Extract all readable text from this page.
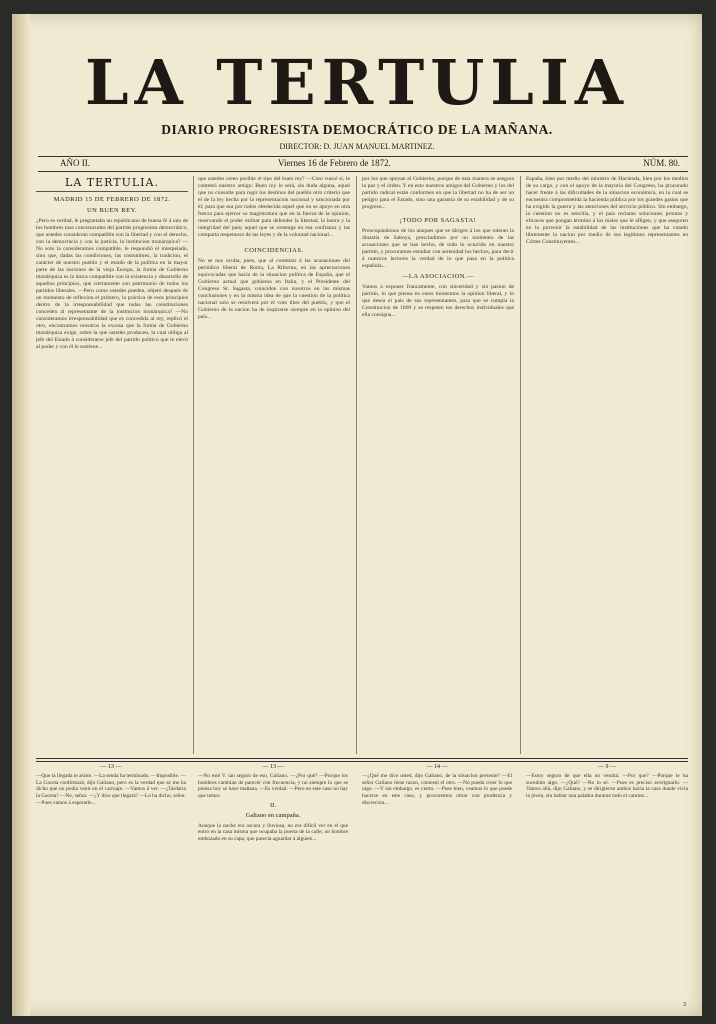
LA TERTULIA
DIARIO PROGRESISTA DEMOCRÁTICO DE LA MAÑANA.
DIRECTOR: D. JUAN MANUEL MARTINEZ.
AÑO II.	Viernes 16 de Febrero de 1872.	NÚM. 80.
LA TERTULIA.
MADRID 15 DE FEBRERO DE 1872.
UN BUEN REY.

¿Pero es verdad, le preguntaba un republicano de buena fé á uno de los hombres mas concienzudos del partido progresista democrático, que ustedes consideran compatible con la libertad y con el derecho, con la democracia y con la justicia, la institucion monárquica? —No solo la consideramos compatible, le respondió el interpelado, sino que, dadas las condiciones, las costumbres, la tradicion, el carácter de nuestro pueblo y el estado de la política en la mayor parte de las naciones de la vieja Europa, la forma de Gobierno monárquica es la única compatible con la existencia y desarrollo de aquellos principios, que ciertamente son patrimonio de todos los partidos liberales. —Pero como ustedes pueden, objetó después de un momento de reflexion el primero, la práctica de esos principios dentro de la irresponsabilidad que todas las constituciones conceden al representante de la institucion monárquica? —No consideramos irresponsabilidad que es concedida al rey, replicó el otro, encontramos nosotros la excusa que la forma de Gobierno monárquica exige, sobre la que ustedes producen, la cual obliga al jefe del Estado á considerarse jefe del partido político que le elevó al poder y con él le sostiene...

que ustedes creen posible el tipo del buen rey? —Creo vuecé sí, le contestó nuestro amigo: Buen rey lo será, sin duda alguna, aquel que no consulte para regir los destinos del pueblo otro criterio que el de la ley hecha por la representacion nacional y sancionada por él; para que sea por todos obedecida aquel que no se apoye en otra fuerza para ejercer su magistratura que en la fuerza de la opinion, reservando el poder militar para defender la libertad, la honra y la integridad del país; aquel que se sostenga en esa confianza y las comparta respetuoso de las leyes y de la voluntad nacional...

COINCIDENCIAS.

No se nos oculta, pues, que al contestar á las acusaciones del periódico liberal de Roma, La Riforma, en las apreciaciones equivocadas que hacía de la situacion política de España, que el Gobierno actual que gobierna en Italia, y el Presidente del Congreso Sr. Sagasta, coinciden con nosotros en las mismas conclusiones y en la misma idea de que la cuestion de la política nacional solo se resolverá por el voto libre del pueblo, y que el Gobierno de la nacion ha de inspirarse siempre en la opinion del país...

por los que apoyan al Gobierno, porque de esta manera se asegura la paz y el órden. Y en esto nuestros amigos del Gobierno y los del partido radical están conformes en que la libertad no ha de ser un peligro para el Estado, sino una garantía de su estabilidad y de su progreso...

¡TODO POR SAGASTA!

Preocupándonos de los ataques que se dirigen á los que toleran la dinastía de Saboya, prescindimos por un momento de las acusaciones que se han hecho, de todo lo ocurrido en nuestro partido, y procuramos estudiar con serenidad los hechos, para decir á nuestros lectores la verdad de lo que pasa en la política española...

—LA ASOCIACION.—

Vamos á exponer francamente, con sinceridad y sin pasion de partido, lo que piensa en estos momentos la opinion liberal, y lo que desea el país de sus representantes, para que se cumpla la Constitucion de 1869 y se respeten los derechos individuales que ella consigna...

España, bien por medio del ministro de Hacienda, bien por los medios de su cargo, y con el apoyo de la mayoría del Congreso, ha procurado hacer frente á las dificultades de la situacion económica, en la cual se encuentra comprometida la hacienda pública por los grandes gastos que ha exigido la guerra y las atenciones del servicio público. Sin embargo, la cuestion no es sencilla, y el país reclama soluciones prontas y eficaces que pongan término á los males que le afligen, y que aseguren en lo porvenir la estabilidad de las instituciones que ha votado libremente la nacion por medio de sus legítimos representantes en Córtes Constituyentes...

— 13 —

—Que la llegada te asiste. —La senda ha terminado. —Imposible. —La Gaceta confirmará, dijo Galiano, pero es la verdad que se me ha dicho que no podia venir en el carruaje. —Vamos á ver. —¿Tardaria la Gaceta? —No, señor. —¿Y dice que llegará? —Lo ha dicho, señor. —Pues vamos á esperarle...

— 13 —

—No esté V. tan seguro de eso, Galiano. —¿Por qué? —Porque los hombres cambian de parecer con frecuencia, y no siempre lo que se piensa hoy se hace mañana. —Es verdad. —Pero en este caso no hay que temer.

II.
Galiano en campaña.

Aunque la noche era oscura y lluviosa, no era difícil ver en el que entró en la casa misma que ocupaba la puerta de la calle, un hombre embozado en su capa, que parecia aguardar á alguien...

— 14 —

—¿Qué me dice usted, dijo Galiano, de la situacion presente? —El señor Galiano tiene razon, contestó el otro. —No puedo creer lo que oigo. —Y sin embargo, es cierto. —Pues bien, veamos lo que puede hacerse en este caso, y procuremos obrar con prudencia y discrecion...

— 9 —

—Estoy seguro de que ella no vendrá. —Por qué? —Porque le ha sucedido algo. —¿Qué? —No lo sé. —Pues es preciso averiguarlo. —Vamos allá, dijo Galiano, y se dirigieron ambos hacia la casa donde vivia la jóven, sin hablar una palabra durante todo el camino...

3
